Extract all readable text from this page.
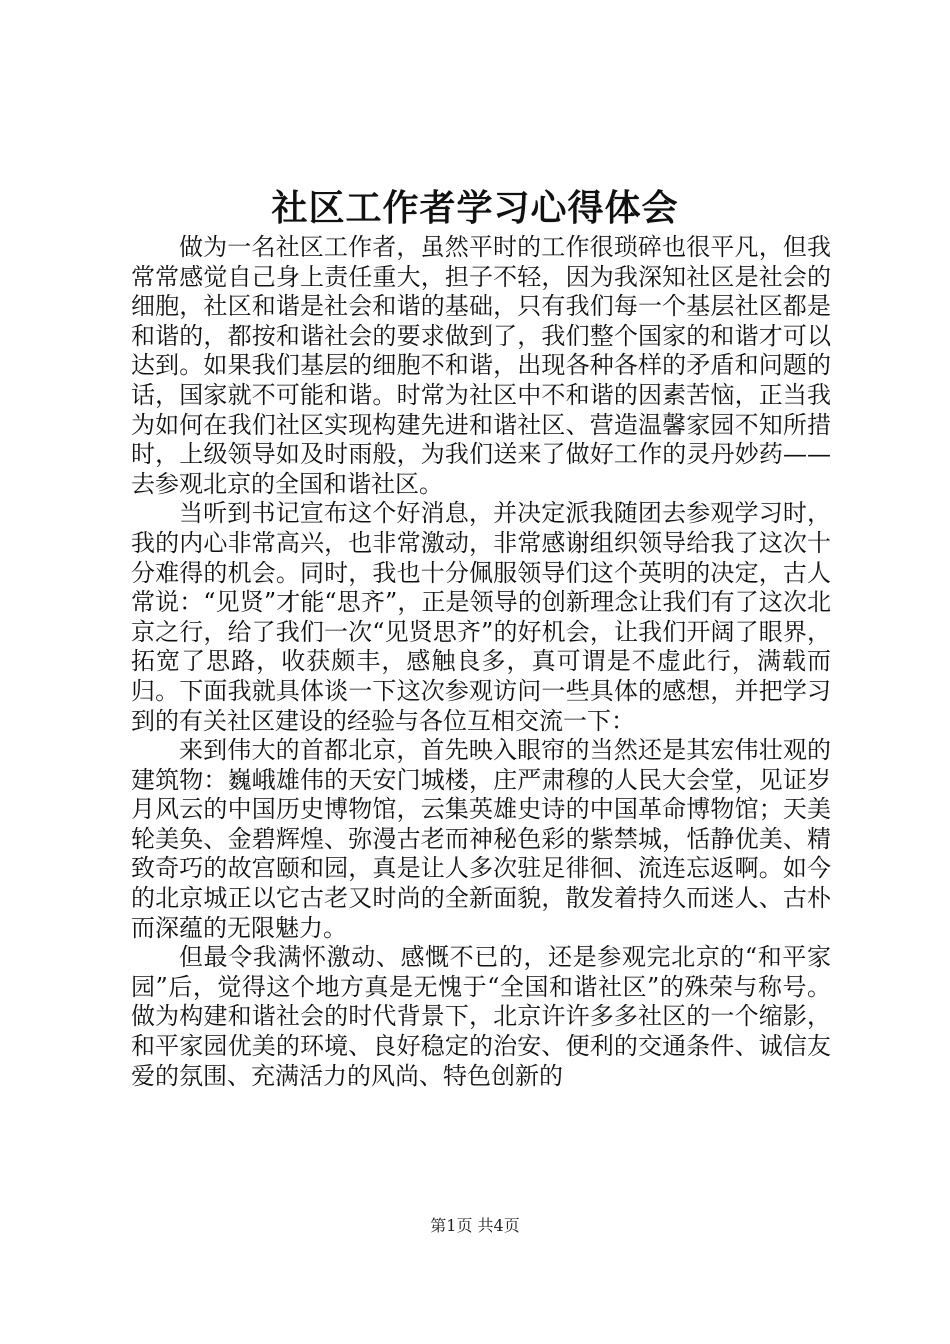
社区工作者学习心得体会

做为一名社区工作者，虽然平时的工作很琐碎也很平凡，但我常常感觉自己身上责任重大，担子不轻，因为我深知社区是社会的细胞，社区和谐是社会和谐的基础，只有我们每一个基层社区都是和谐的，都按和谐社会的要求做到了，我们整个国家的和谐才可以达到。如果我们基层的细胞不和谐，出现各种各样的矛盾和问题的话，国家就不可能和谐。时常为社区中不和谐的因素苦恼，正当我为如何在我们社区实现构建先进和谐社区、营造温馨家园不知所措时，上级领导如及时雨般，为我们送来了做好工作的灵丹妙药——去参观北京的全国和谐社区。

当听到书记宣布这个好消息，并决定派我随团去参观学习时，我的内心非常高兴，也非常激动，非常感谢组织领导给我了这次十分难得的机会。同时，我也十分佩服领导们这个英明的决定，古人常说：“见贤”才能“思齐”，正是领导的创新理念让我们有了这次北京之行，给了我们一次“见贤思齐”的好机会，让我们开阔了眼界，拓宽了思路，收获颇丰，感触良多，真可谓是不虚此行，满载而归。下面我就具体谈一下这次参观访问一些具体的感想，并把学习到的有关社区建设的经验与各位互相交流一下：

来到伟大的首都北京，首先映入眼帘的当然还是其宏伟壮观的建筑物：巍峨雄伟的天安门城楼，庄严肃穆的人民大会堂，见证岁月风云的中国历史博物馆，云集英雄史诗的中国革命博物馆；天美轮美奂、金碧辉煌、弥漫古老而神秘色彩的紫禁城，恬静优美、精致奇巧的故宫颐和园，真是让人多次驻足徘徊、流连忘返啊。如今的北京城正以它古老又时尚的全新面貌，散发着持久而迷人、古朴而深蕴的无限魅力。

但最令我满怀激动、感慨不已的，还是参观完北京的“和平家园”后，觉得这个地方真是无愧于“全国和谐社区”的殊荣与称号。做为构建和谐社会的时代背景下，北京许许多多社区的一个缩影，和平家园优美的环境、良好稳定的治安、便利的交通条件、诚信友爱的氛围、充满活力的风尚、特色创新的

第1页 共4页
